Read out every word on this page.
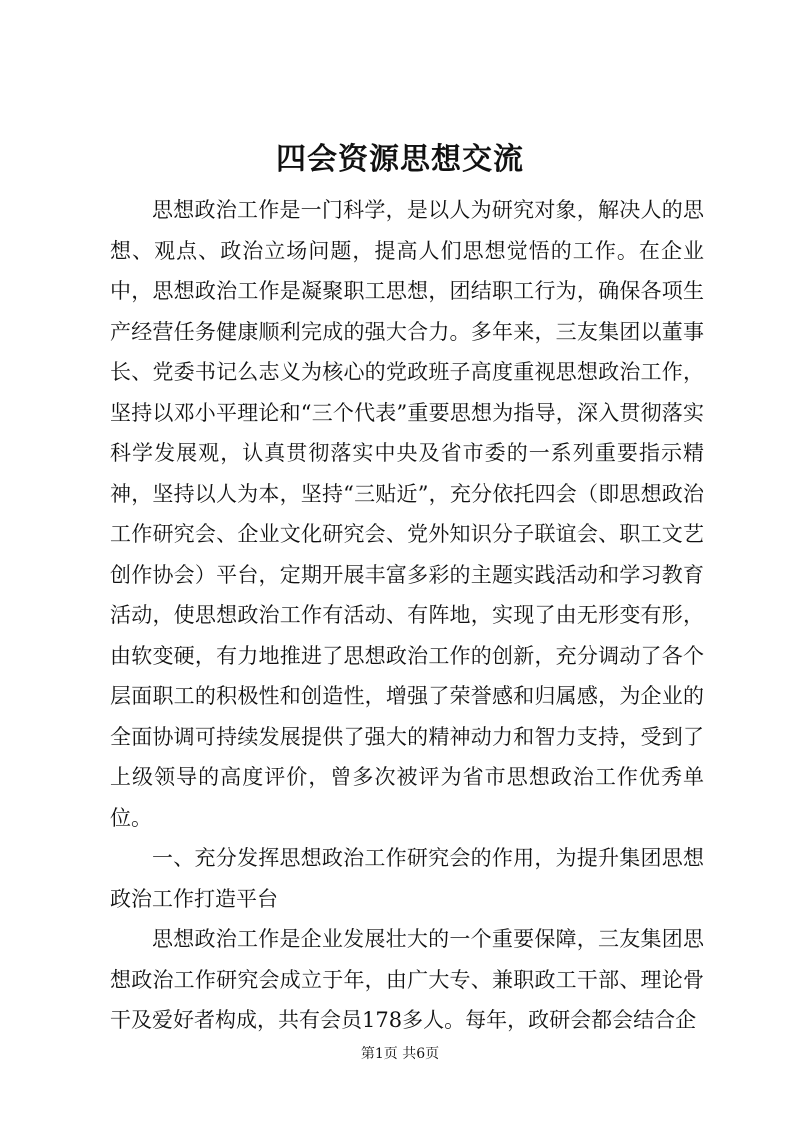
四会资源思想交流

思想政治工作是一门科学，是以人为研究对象，解决人的思想、观点、政治立场问题，提高人们思想觉悟的工作。在企业中，思想政治工作是凝聚职工思想，团结职工行为，确保各项生产经营任务健康顺利完成的强大合力。多年来，三友集团以董事长、党委书记么志义为核心的党政班子高度重视思想政治工作，坚持以邓小平理论和“三个代表”重要思想为指导，深入贯彻落实科学发展观，认真贯彻落实中央及省市委的一系列重要指示精神，坚持以人为本，坚持“三贴近”，充分依托四会（即思想政治工作研究会、企业文化研究会、党外知识分子联谊会、职工文艺创作协会）平台，定期开展丰富多彩的主题实践活动和学习教育活动，使思想政治工作有活动、有阵地，实现了由无形变有形，由软变硬，有力地推进了思想政治工作的创新，充分调动了各个层面职工的积极性和创造性，增强了荣誉感和归属感，为企业的全面协调可持续发展提供了强大的精神动力和智力支持，受到了上级领导的高度评价，曾多次被评为省市思想政治工作优秀单位。

一、充分发挥思想政治工作研究会的作用，为提升集团思想政治工作打造平台

思想政治工作是企业发展壮大的一个重要保障，三友集团思想政治工作研究会成立于年，由广大专、兼职政工干部、理论骨干及爱好者构成，共有会员178多人。每年，政研会都会结合企

第1页 共6页
